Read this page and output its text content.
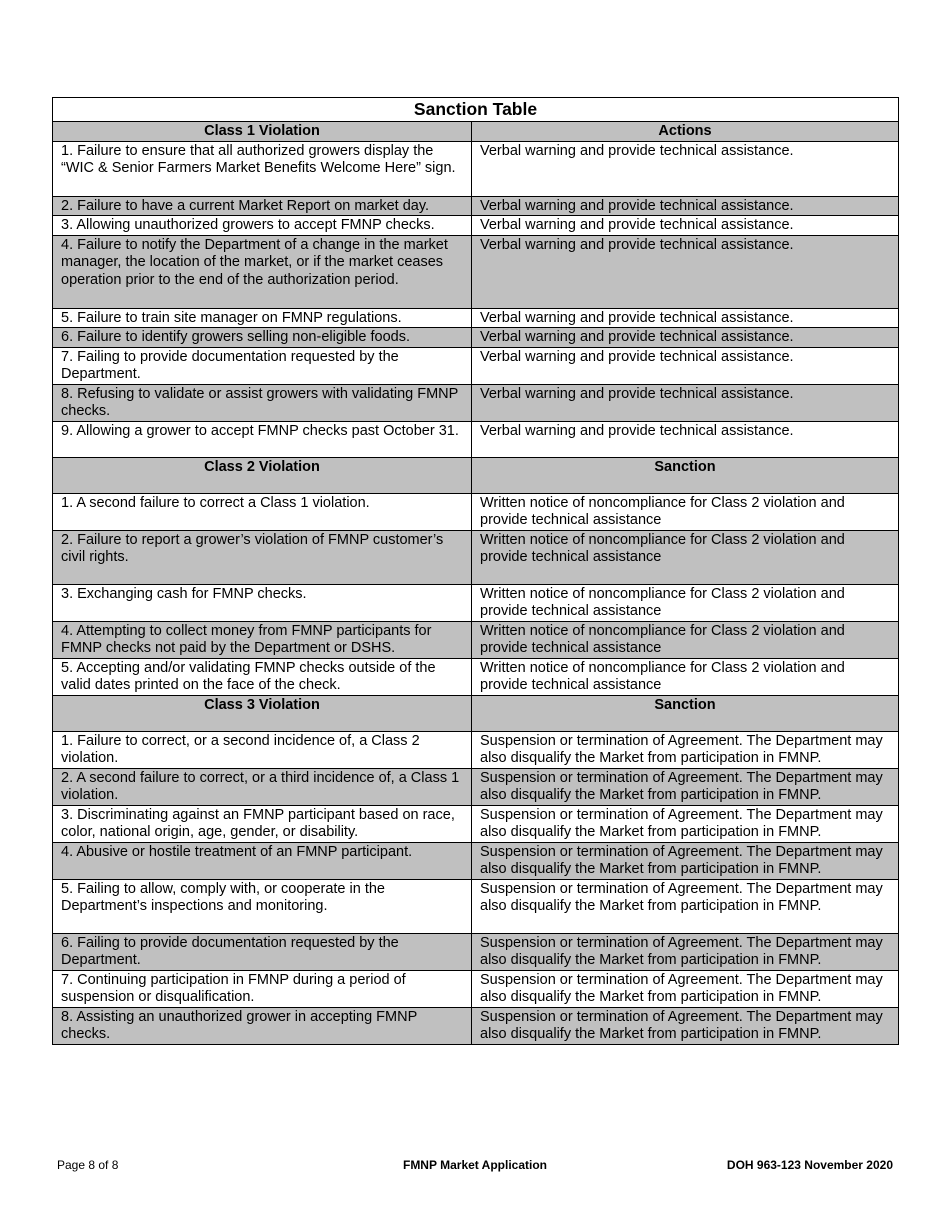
Sanction Table	
Class 1 Violation	Actions
1. Failure to ensure that all authorized growers display the “WIC & Senior Farmers Market Benefits Welcome Here” sign.	Verbal warning and provide technical assistance.
2. Failure to have a current Market Report on market day.	Verbal warning and provide technical assistance.
3. Allowing unauthorized growers to accept FMNP checks.	Verbal warning and provide technical assistance.
4. Failure to notify the Department of a change in the market manager, the location of the market, or if the market ceases operation prior to the end of the authorization period.	Verbal warning and provide technical assistance.
5. Failure to train site manager on FMNP regulations.	Verbal warning and provide technical assistance.
6. Failure to identify growers selling non-eligible foods.	Verbal warning and provide technical assistance.
7. Failing to provide documentation requested by the Department.	Verbal warning and provide technical assistance.
8. Refusing to validate or assist growers with validating FMNP checks.	Verbal warning and provide technical assistance.
9. Allowing a grower to accept FMNP checks past October 31.	Verbal warning and provide technical assistance.
Class 2 Violation	Sanction
1. A second failure to correct a Class 1 violation.	Written notice of noncompliance for Class 2 violation and provide technical assistance
2. Failure to report a grower’s violation of FMNP customer’s civil rights.	Written notice of noncompliance for Class 2 violation and provide technical assistance
3. Exchanging cash for FMNP checks.	Written notice of noncompliance for Class 2 violation and provide technical assistance
4. Attempting to collect money from FMNP participants for FMNP checks not paid by the Department or DSHS.	Written notice of noncompliance for Class 2 violation and provide technical assistance
5. Accepting and/or validating FMNP checks outside of the valid dates printed on the face of the check.	Written notice of noncompliance for Class 2 violation and provide technical assistance
Class 3 Violation	Sanction
1. Failure to correct, or a second incidence of, a Class 2 violation.	Suspension or termination of Agreement. The Department may also disqualify the Market from participation in FMNP.
2. A second failure to correct, or a third incidence of, a Class 1 violation.	Suspension or termination of Agreement. The Department may also disqualify the Market from participation in FMNP.
3. Discriminating against an FMNP participant based on race, color, national origin, age, gender, or disability.	Suspension or termination of Agreement. The Department may also disqualify the Market from participation in FMNP.
4. Abusive or hostile treatment of an FMNP participant.	Suspension or termination of Agreement. The Department may also disqualify the Market from participation in FMNP.
5. Failing to allow, comply with, or cooperate in the Department’s inspections and monitoring.	Suspension or termination of Agreement. The Department may also disqualify the Market from participation in FMNP.
6. Failing to provide documentation requested by the Department.	Suspension or termination of Agreement. The Department may also disqualify the Market from participation in FMNP.
7. Continuing participation in FMNP during a period of suspension or disqualification.	Suspension or termination of Agreement. The Department may also disqualify the Market from participation in FMNP.
8. Assisting an unauthorized grower in accepting FMNP checks.	Suspension or termination of Agreement. The Department may also disqualify the Market from participation in FMNP.
Page 8 of 8	FMNP Market Application	DOH 963-123 November 2020
